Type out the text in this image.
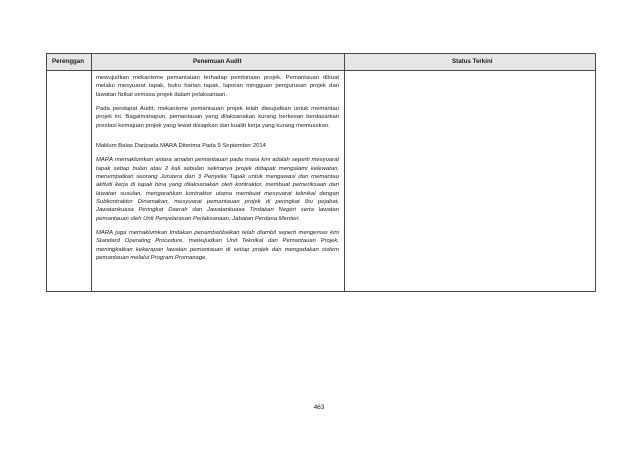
Perenggan	Penemuan Audit	Status Terkini

mewujudkan mekanisme pemantauan terhadap pembinaan projek. Pemantauan dibuat melalui mesyuarat tapak, buku harian tapak, laporan mingguan pengurusan projek dan lawatan fizikal semasa projek dalam pelaksanaan.

Pada pendapat Audit, mekanisme pemantauan projek telah diwujudkan untuk memantau projek ini. Bagaimanapun, pemantauan yang dilaksanakan kurang berkesan berdasarkan prestasi kemajuan projek yang lewat disiapkan dan kualiti kerja yang kurang memuaskan.

Maklum Balas Daripada MARA Diterima Pada 9 September 2014

MARA memaklumkan antara amalan pemantauan pada masa kini adalah seperti mesyuarat tapak setiap bulan atau 2 kali sebulan sekiranya projek didapati mengalami kelewatan, menempatkan seorang Jurutera dan 3 Penyelia Tapak untuk mengawasi dan memantau aktiviti kerja di tapak bina yang dilaksanakan oleh kontraktor, membuat pemeriksaan dan lawatan susulan, mengarahkan kontraktor utama membuat mesyuarat teknikal dengan Subkontraktor Dinamakan, mesyuarat pemantauan projek di peringkat Ibu pejabat, Jawatankuasa Peringkat Daerah dan Jawatankuasa Tindakan Negeri serta lawatan pemantauan oleh Unit Penyelarasan Perlaksanaan, Jabatan Perdana Menteri.

MARA juga memaklumkan tindakan penambahbaikan telah diambil seperti mengemas kini Standard Operating Procedure, mewujudkan Unit Teknikal dan Pemantauan Projek, meningkatkan kekerapan lawatan pemantauan di setiap projek dan mengadakan sistem pemantauan melalui Program Promanage.

463
